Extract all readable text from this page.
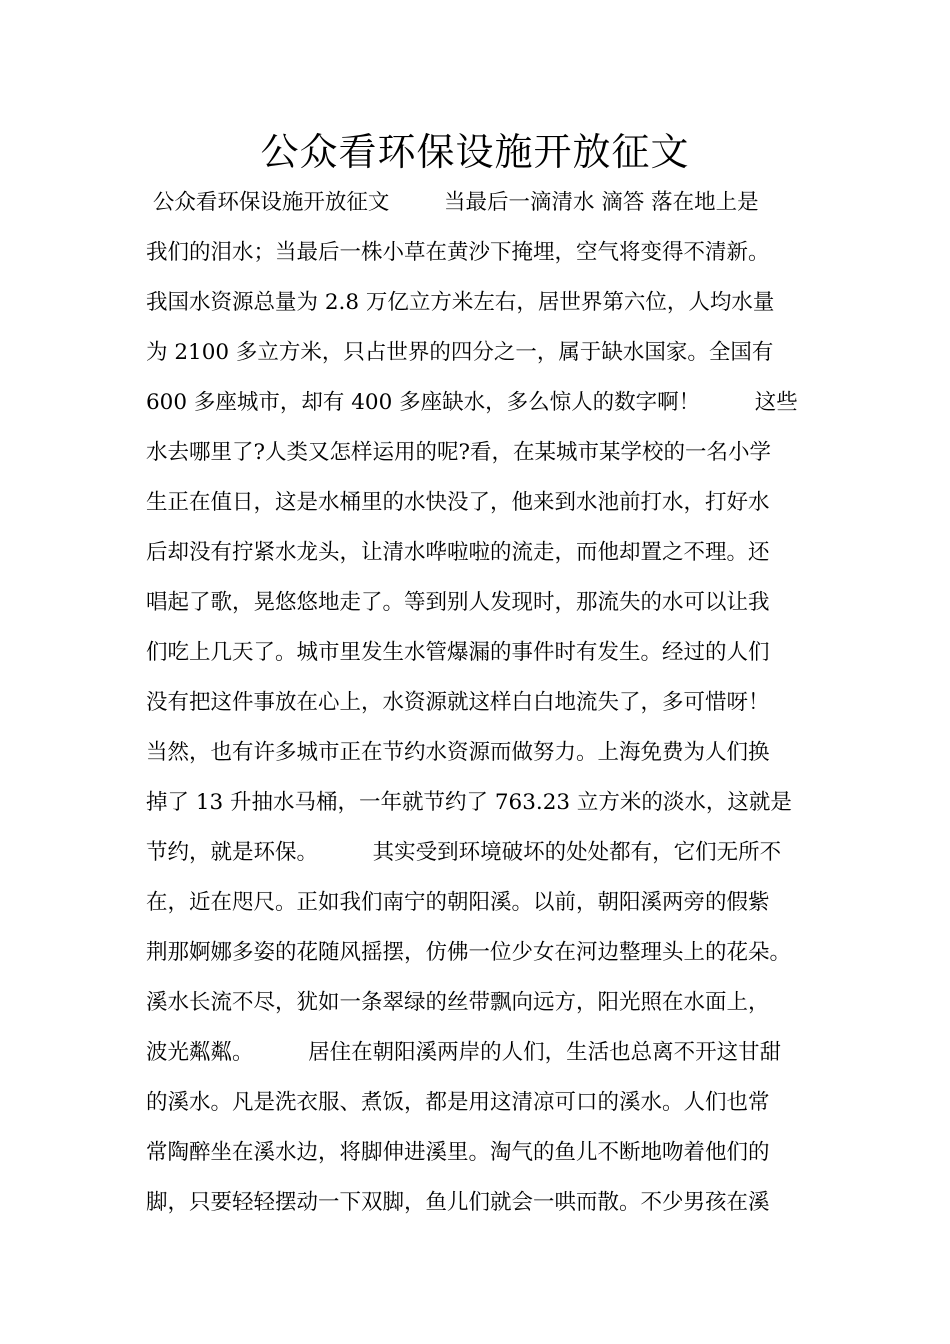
公众看环保设施开放征文
公众看环保设施开放征文        当最后一滴清水 滴答 落在地上是
我们的泪水；当最后一株小草在黄沙下掩埋，空气将变得不清新。
我国水资源总量为 2.8 万亿立方米左右，居世界第六位，人均水量
为 2100 多立方米，只占世界的四分之一，属于缺水国家。全国有
600 多座城市，却有 400 多座缺水，多么惊人的数字啊！        这些
水去哪里了?人类又怎样运用的呢?看，在某城市某学校的一名小学
生正在值日，这是水桶里的水快没了，他来到水池前打水，打好水
后却没有拧紧水龙头，让清水哗啦啦的流走，而他却置之不理。还
唱起了歌，晃悠悠地走了。等到别人发现时，那流失的水可以让我
们吃上几天了。城市里发生水管爆漏的事件时有发生。经过的人们
没有把这件事放在心上，水资源就这样白白地流失了，多可惜呀！
当然，也有许多城市正在节约水资源而做努力。上海免费为人们换
掉了 13 升抽水马桶，一年就节约了 763.23 立方米的淡水，这就是
节约，就是环保。        其实受到环境破坏的处处都有，它们无所不
在，近在咫尺。正如我们南宁的朝阳溪。以前，朝阳溪两旁的假紫
荆那婀娜多姿的花随风摇摆，仿佛一位少女在河边整理头上的花朵。
溪水长流不尽，犹如一条翠绿的丝带飘向远方，阳光照在水面上，
波光粼粼。        居住在朝阳溪两岸的人们，生活也总离不开这甘甜
的溪水。凡是洗衣服、煮饭，都是用这清凉可口的溪水。人们也常
常陶醉坐在溪水边，将脚伸进溪里。淘气的鱼儿不断地吻着他们的
脚，只要轻轻摆动一下双脚，鱼儿们就会一哄而散。不少男孩在溪
